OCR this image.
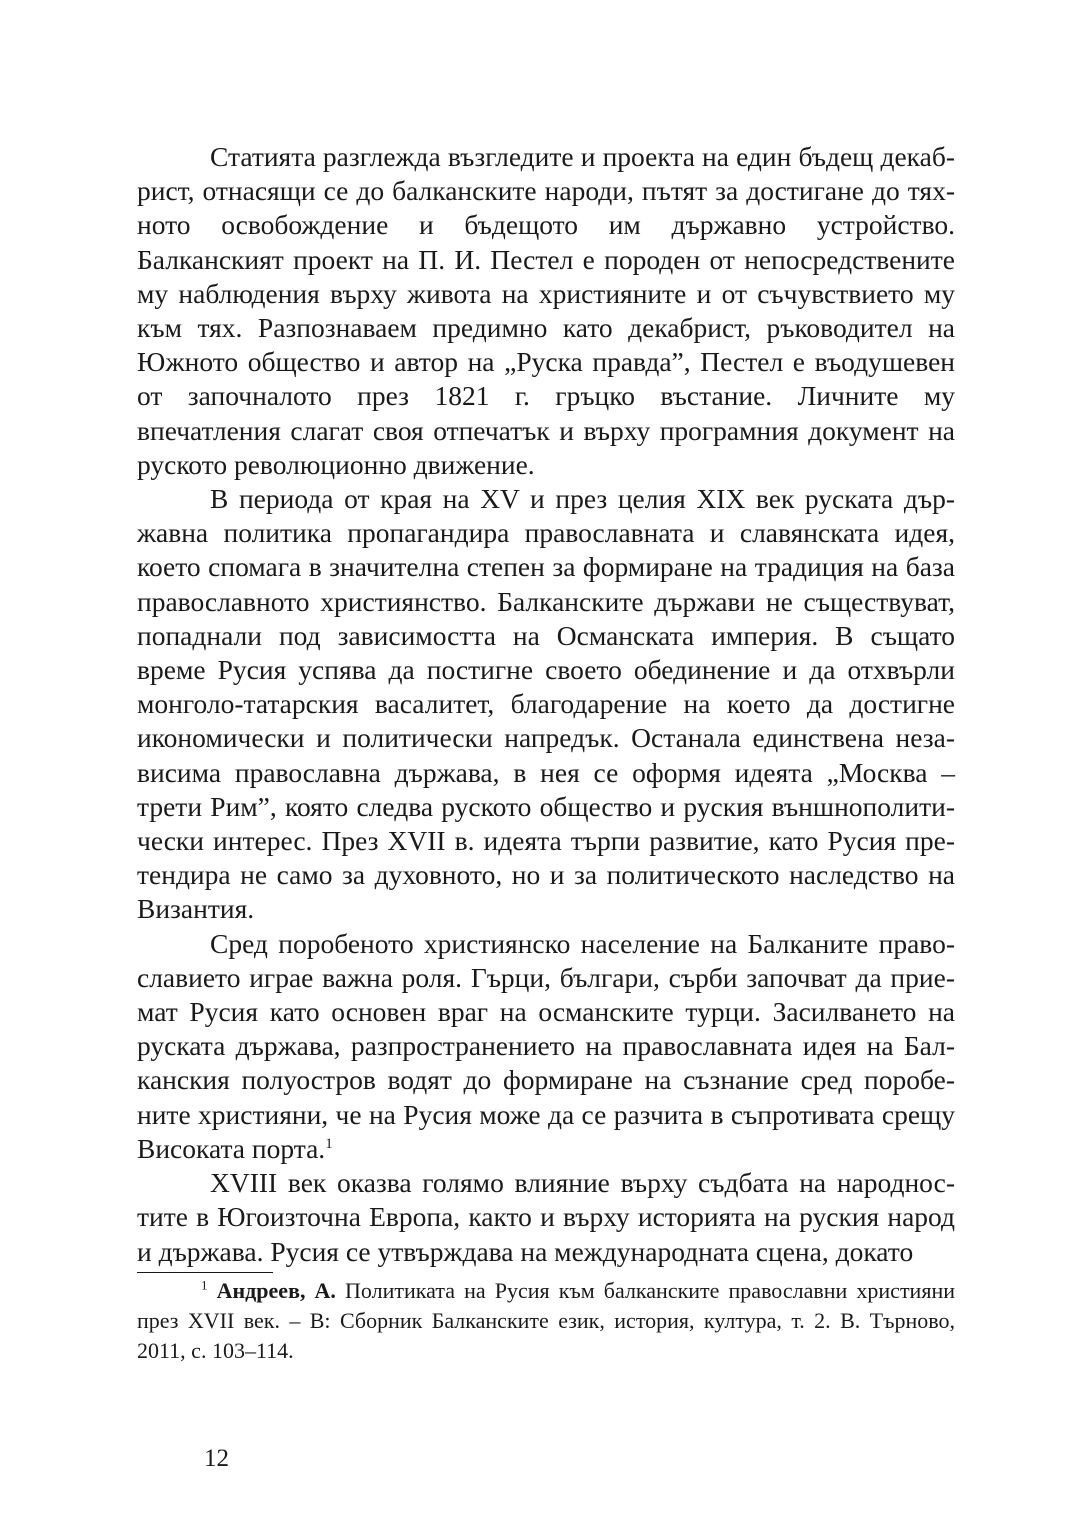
Статията разглежда възгледите и проекта на един бъдещ декабрист, отнасящи се до балканските народи, пътят за достигане до тяхното освобождение и бъдещото им държавно устройство. Балканският проект на П. И. Пестел е породен от непосредствените му наблюдения върху живота на християните и от съчувствието му към тях. Разпознаваем предимно като декабрист, ръководител на Южното общество и автор на „Руска правда”, Пестел е въодушевен от започналото през 1821 г. гръцко въстание. Личните му впечатления слагат своя отпечатък и върху програмния документ на руското революционно движение.

В периода от края на XV и през целия XIX век руската държавна политика пропагандира православната и славянската идея, което спомага в значителна степен за формиране на традиция на база православното християнство. Балканските държави не съществуват, попаднали под зависимостта на Османската империя. В същато време Русия успява да постигне своето обединение и да отхвърли монголо-татарския васалитет, благодарение на което да достигне икономически и политически напредък. Останала единствена независима православна държава, в нея се оформя идеята „Москва – трети Рим”, която следва руското общество и руския външнополитически интерес. През XVII в. идеята търпи развитие, като Русия претендира не само за духовното, но и за политическото наследство на Византия.

Сред поробеното християнско население на Балканите православието играе важна роля. Гърци, българи, сърби започват да приемат Русия като основен враг на османските турци. Засилването на руската държава, разпространението на православната идея на Балканския полуостров водят до формиране на съзнание сред поробените християни, че на Русия може да се разчита в съпротивата срещу Високата порта.$^1$

XVIII век оказва голямо влияние върху съдбата на народностите в Югоизточна Европа, както и върху историята на руския народ и държава. Русия се утвърждава на международната сцена, докато

$^1$ Андреев, А. Политиката на Русия към балканските православни християни през XVII век. – В: Сборник Балканските език, история, култура, т. 2. В. Търново, 2011, с. 103–114.

12
